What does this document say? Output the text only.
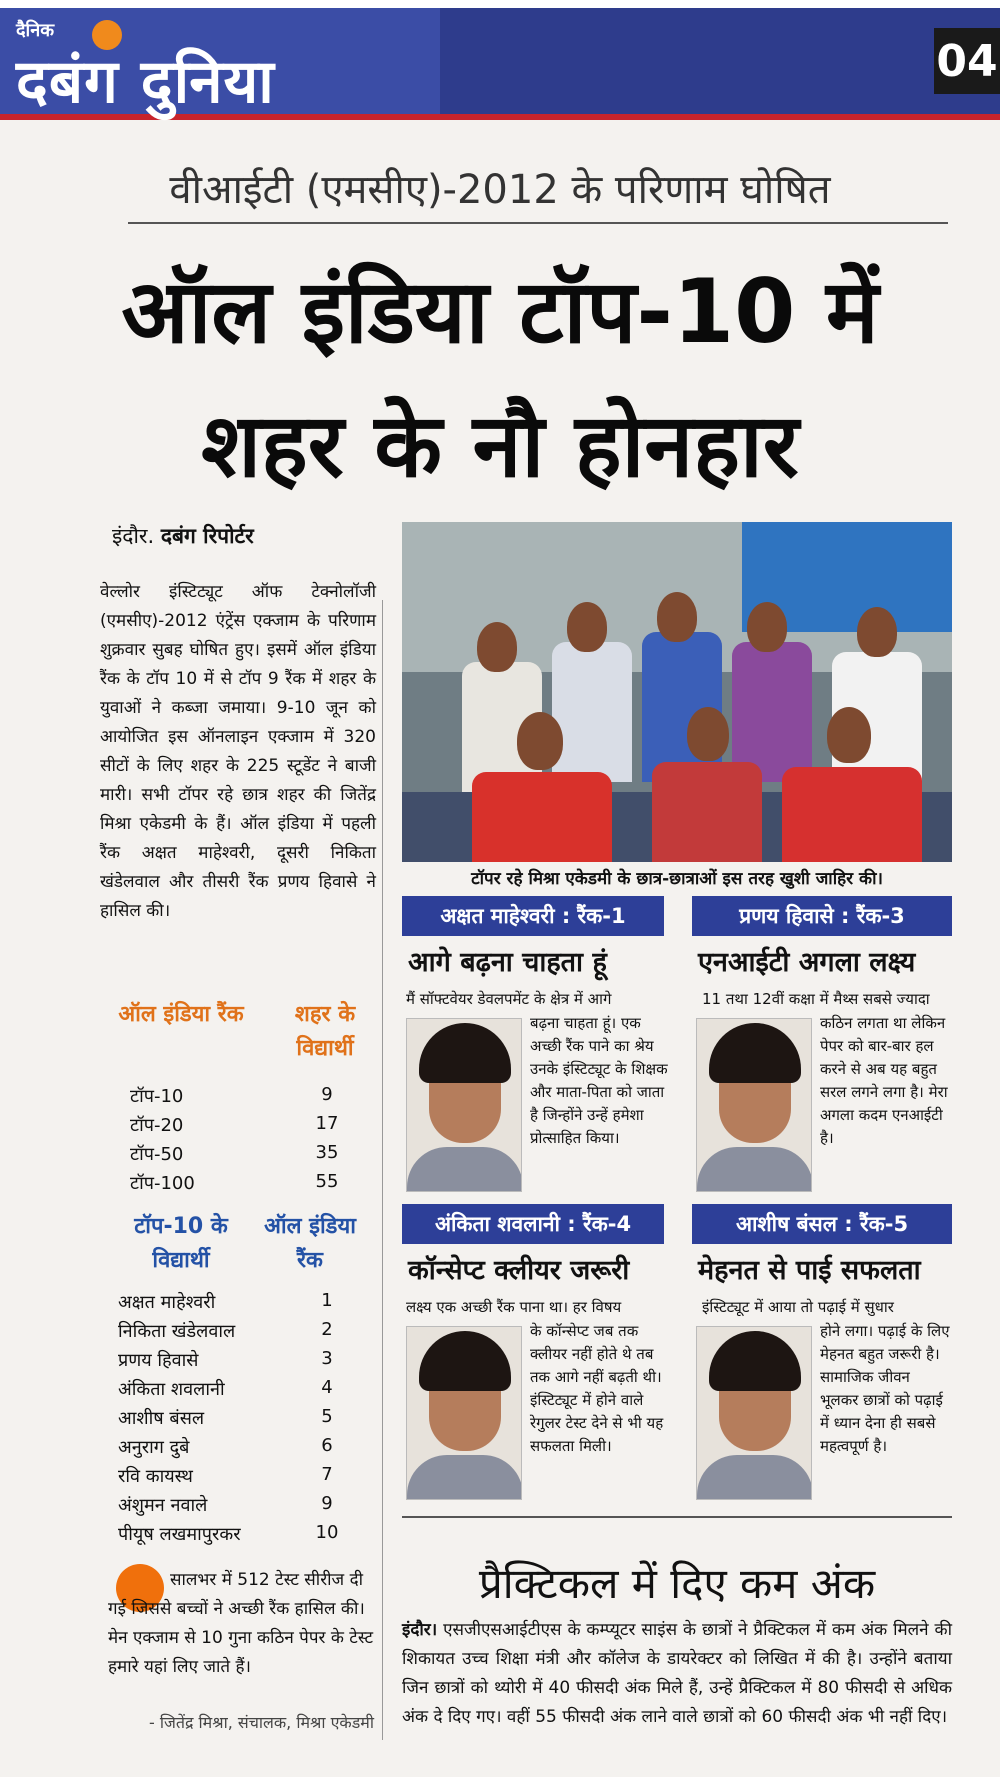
दैनिक
दबंग दुनिया	04
वीआईटी (एमसीए)-2012 के परिणाम घोषित
ऑल इंडिया टॉप-10 में
शहर के नौ होनहार
इंदौर. दबंग रिपोर्टर
वेल्लोर इंस्टिट्यूट ऑफ टेक्नोलॉजी (एमसीए)-2012 एंट्रेंस एक्जाम के परिणाम शुक्रवार सुबह घोषित हुए। इसमें ऑल इंडिया रैंक के टॉप 10 में से टॉप 9 रैंक में शहर के युवाओं ने कब्जा जमाया। 9-10 जून को आयोजित इस ऑनलाइन एक्जाम में 320 सीटों के लिए शहर के 225 स्टूडेंट ने बाजी मारी। सभी टॉपर रहे छात्र शहर की जितेंद्र मिश्रा एकेडमी के हैं। ऑल इंडिया में पहली रैंक अक्षत माहेश्वरी, दूसरी निकिता खंडेलवाल और तीसरी रैंक प्रणय हिवासे ने हासिल की।
ऑल इंडिया रैंक	शहर के विद्यार्थी
टॉप-10	9
टॉप-20	17
टॉप-50	35
टॉप-100	55
टॉप-10 के विद्यार्थी
ऑल इंडिया रैंक
अक्षत माहेश्वरी	1
निकिता खंडेलवाल	2
प्रणय हिवासे	3
अंकिता शवलानी	4
आशीष बंसल	5
अनुराग दुबे	6
रवि कायस्थ	7
अंशुमन नवाले	9
पीयूष लखमापुरकर	10
सालभर में 512 टेस्ट सीरीज दी गई जिससे बच्चों ने अच्छी रैंक हासिल की। मेन एक्जाम से 10 गुना कठिन पेपर के टेस्ट हमारे यहां लिए जाते हैं।
- जितेंद्र मिश्रा, संचालक, मिश्रा एकेडमी
टॉपर रहे मिश्रा एकेडमी के छात्र-छात्राओं इस तरह खुशी जाहिर की।
अक्षत माहेश्वरी : रैंक-1	प्रणय हिवासे : रैंक-3
आगे बढ़ना चाहता हूं	एनआईटी अगला लक्ष्य
मैं सॉफ्टवेयर डेवलपमेंट के क्षेत्र में आगे
बढ़ना चाहता हूं। एक अच्छी रैंक पाने का श्रेय उनके इंस्टिट्यूट के शिक्षक और माता-पिता को जाता है जिन्होंने उन्हें हमेशा प्रोत्साहित किया।
11 तथा 12वीं कक्षा में मैथ्स सबसे ज्यादा
कठिन लगता था लेकिन पेपर को बार-बार हल करने से अब यह बहुत सरल लगने लगा है। मेरा अगला कदम एनआईटी है।
अंकिता शवलानी : रैंक-4	आशीष बंसल : रैंक-5
कॉन्सेप्ट क्लीयर जरूरी	मेहनत से पाई सफलता
लक्ष्य एक अच्छी रैंक पाना था। हर विषय
के कॉन्सेप्ट जब तक क्लीयर नहीं होते थे तब तक आगे नहीं बढ़ती थी। इंस्टिट्यूट में होने वाले रेगुलर टेस्ट देने से भी यह सफलता मिली।
इंस्टिट्यूट में आया तो पढ़ाई में सुधार
होने लगा। पढ़ाई के लिए मेहनत बहुत जरूरी है। सामाजिक जीवन भूलकर छात्रों को पढ़ाई में ध्यान देना ही सबसे महत्वपूर्ण है।
प्रैक्टिकल में दिए कम अंक
इंदौर। एसजीएसआईटीएस के कम्प्यूटर साइंस के छात्रों ने प्रैक्टिकल में कम अंक मिलने की शिकायत उच्च शिक्षा मंत्री और कॉलेज के डायरेक्टर को लिखित में की है। उन्होंने बताया जिन छात्रों को थ्योरी में 40 फीसदी अंक मिले हैं, उन्हें प्रैक्टिकल में 80 फीसदी से अधिक अंक दे दिए गए। वहीं 55 फीसदी अंक लाने वाले छात्रों को 60 फीसदी अंक भी नहीं दिए।
